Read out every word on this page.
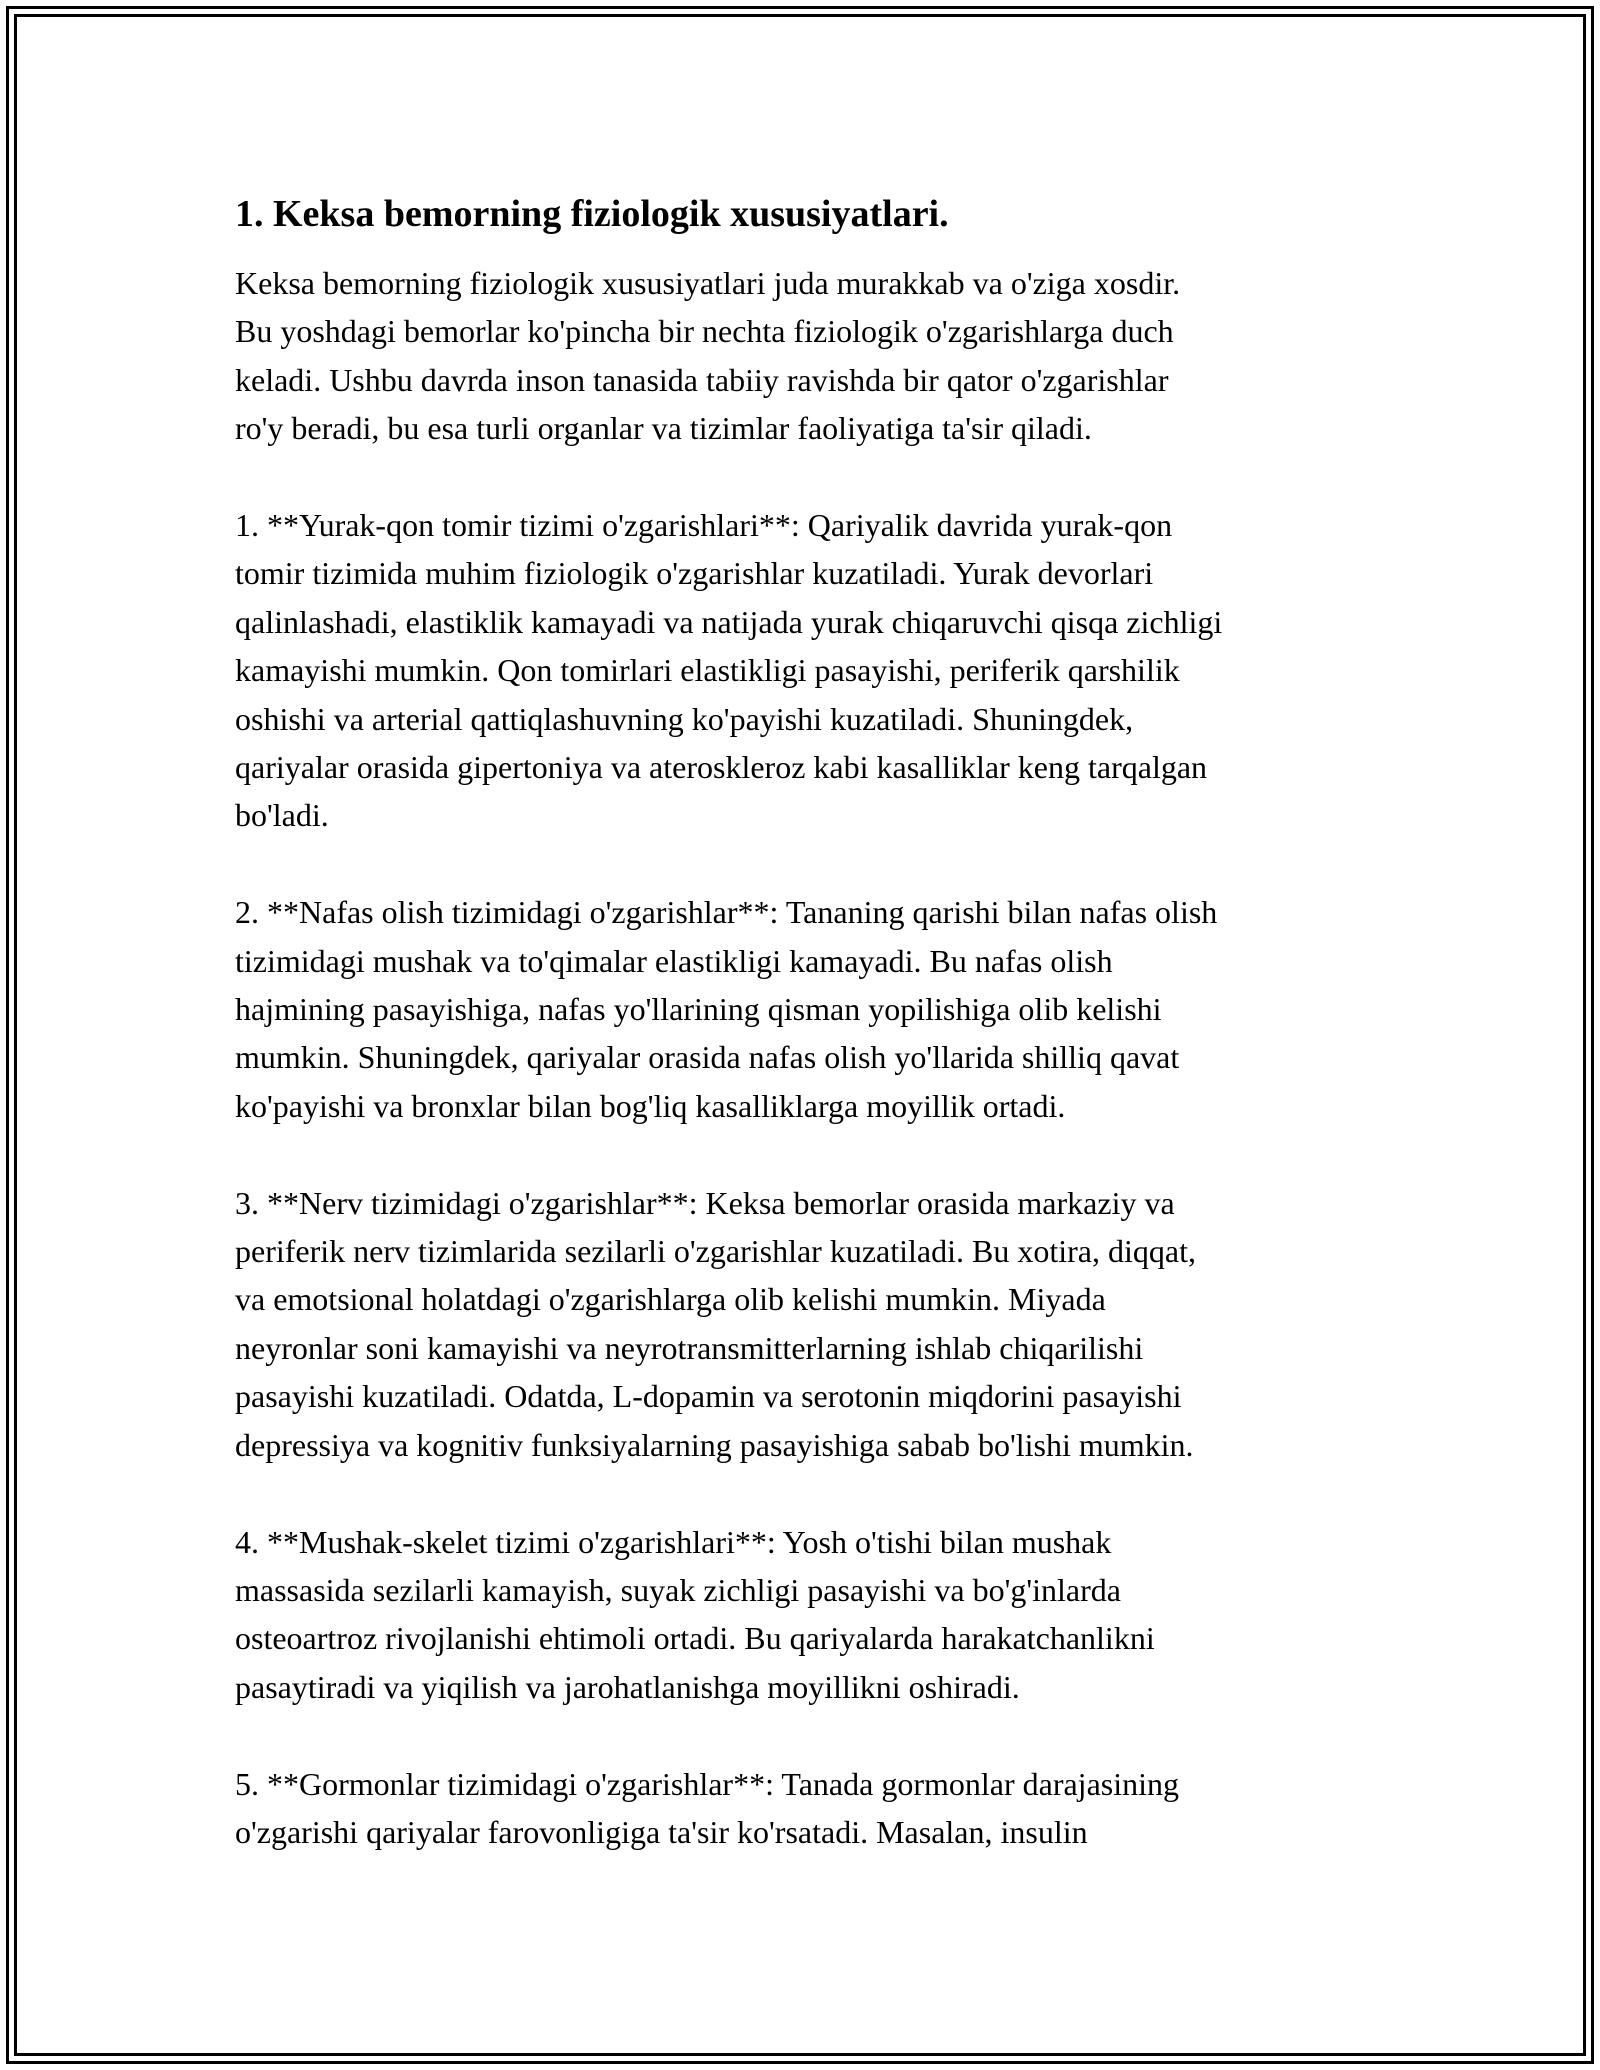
1. Keksa bemorning fiziologik xususiyatlari.

Keksa bemorning fiziologik xususiyatlari juda murakkab va o'ziga xosdir.
Bu yoshdagi bemorlar ko'pincha bir nechta fiziologik o'zgarishlarga duch
keladi. Ushbu davrda inson tanasida tabiiy ravishda bir qator o'zgarishlar
ro'y beradi, bu esa turli organlar va tizimlar faoliyatiga ta'sir qiladi.

1. **Yurak-qon tomir tizimi o'zgarishlari**: Qariyalik davrida yurak-qon
tomir tizimida muhim fiziologik o'zgarishlar kuzatiladi. Yurak devorlari
qalinlashadi, elastiklik kamayadi va natijada yurak chiqaruvchi qisqa zichligi
kamayishi mumkin. Qon tomirlari elastikligi pasayishi, periferik qarshilik
oshishi va arterial qattiqlashuvning ko'payishi kuzatiladi. Shuningdek,
qariyalar orasida gipertoniya va ateroskleroz kabi kasalliklar keng tarqalgan
bo'ladi.

2. **Nafas olish tizimidagi o'zgarishlar**: Tananing qarishi bilan nafas olish
tizimidagi mushak va to'qimalar elastikligi kamayadi. Bu nafas olish
hajmining pasayishiga, nafas yo'llarining qisman yopilishiga olib kelishi
mumkin. Shuningdek, qariyalar orasida nafas olish yo'llarida shilliq qavat
ko'payishi va bronxlar bilan bog'liq kasalliklarga moyillik ortadi.

3. **Nerv tizimidagi o'zgarishlar**: Keksa bemorlar orasida markaziy va
periferik nerv tizimlarida sezilarli o'zgarishlar kuzatiladi. Bu xotira, diqqat,
va emotsional holatdagi o'zgarishlarga olib kelishi mumkin. Miyada
neyronlar soni kamayishi va neyrotransmitterlarning ishlab chiqarilishi
pasayishi kuzatiladi. Odatda, L-dopamin va serotonin miqdorini pasayishi
depressiya va kognitiv funksiyalarning pasayishiga sabab bo'lishi mumkin.

4. **Mushak-skelet tizimi o'zgarishlari**: Yosh o'tishi bilan mushak
massasida sezilarli kamayish, suyak zichligi pasayishi va bo'g'inlarda
osteoartroz rivojlanishi ehtimoli ortadi. Bu qariyalarda harakatchanlikni
pasaytiradi va yiqilish va jarohatlanishga moyillikni oshiradi.

5. **Gormonlar tizimidagi o'zgarishlar**: Tanada gormonlar darajasining
o'zgarishi qariyalar farovonligiga ta'sir ko'rsatadi. Masalan, insulin
